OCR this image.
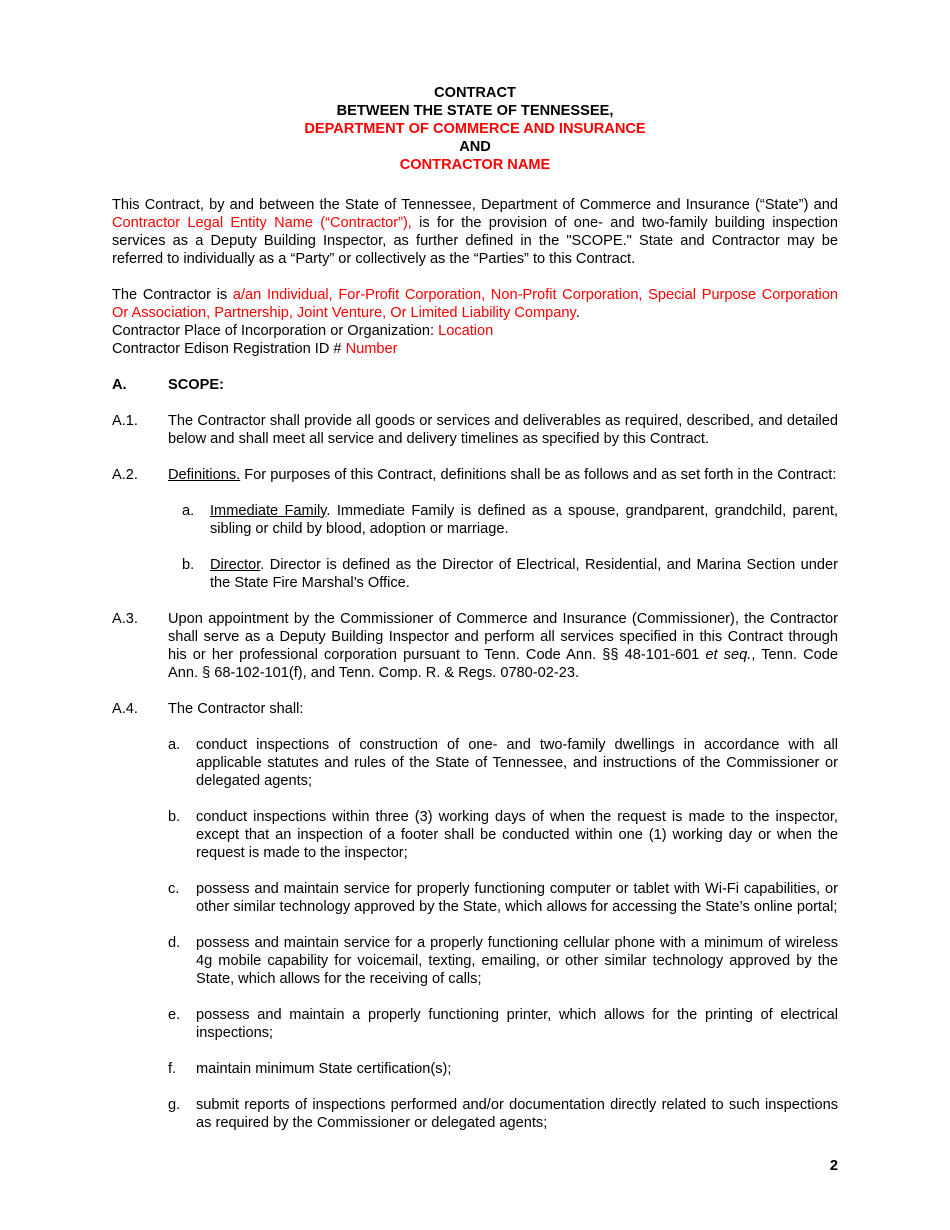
CONTRACT
BETWEEN THE STATE OF TENNESSEE,
DEPARTMENT OF COMMERCE AND INSURANCE
AND
CONTRACTOR NAME

This Contract, by and between the State of Tennessee, Department of Commerce and Insurance (“State”) and Contractor Legal Entity Name (“Contractor”), is for the provision of one- and two-family building inspection services as a Deputy Building Inspector, as further defined in the "SCOPE." State and Contractor may be referred to individually as a “Party” or collectively as the “Parties” to this Contract.

The Contractor is a/an Individual, For-Profit Corporation, Non-Profit Corporation, Special Purpose Corporation Or Association, Partnership, Joint Venture, Or Limited Liability Company.

Contractor Place of Incorporation or Organization: Location

Contractor Edison Registration ID # Number

A.	SCOPE:
A.1.	The Contractor shall provide all goods or services and deliverables as required, described, and detailed below and shall meet all service and delivery timelines as specified by this Contract.
A.2.	Definitions. For purposes of this Contract, definitions shall be as follows and as set forth in the Contract:
a.	Immediate Family. Immediate Family is defined as a spouse, grandparent, grandchild, parent, sibling or child by blood, adoption or marriage.
b.	Director. Director is defined as the Director of Electrical, Residential, and Marina Section under the State Fire Marshal’s Office.
A.3.	Upon appointment by the Commissioner of Commerce and Insurance (Commissioner), the Contractor shall serve as a Deputy Building Inspector and perform all services specified in this Contract through his or her professional corporation pursuant to Tenn. Code Ann. §§ 48-101-601 et seq., Tenn. Code Ann. § 68-102-101(f), and Tenn. Comp. R. & Regs. 0780-02-23.
A.4.	The Contractor shall:
a.	conduct inspections of construction of one- and two-family dwellings in accordance with all applicable statutes and rules of the State of Tennessee, and instructions of the Commissioner or delegated agents;
b.	conduct inspections within three (3) working days of when the request is made to the inspector, except that an inspection of a footer shall be conducted within one (1) working day or when the request is made to the inspector;
c.	possess and maintain service for properly functioning computer or tablet with Wi-Fi capabilities, or other similar technology approved by the State, which allows for accessing the State’s online portal;
d.	possess and maintain service for a properly functioning cellular phone with a minimum of wireless 4g mobile capability for voicemail, texting, emailing, or other similar technology approved by the State, which allows for the receiving of calls;
e.	possess and maintain a properly functioning printer, which allows for the printing of electrical inspections;
f.	maintain minimum State certification(s);
g.	submit reports of inspections performed and/or documentation directly related to such inspections as required by the Commissioner or delegated agents;
2
